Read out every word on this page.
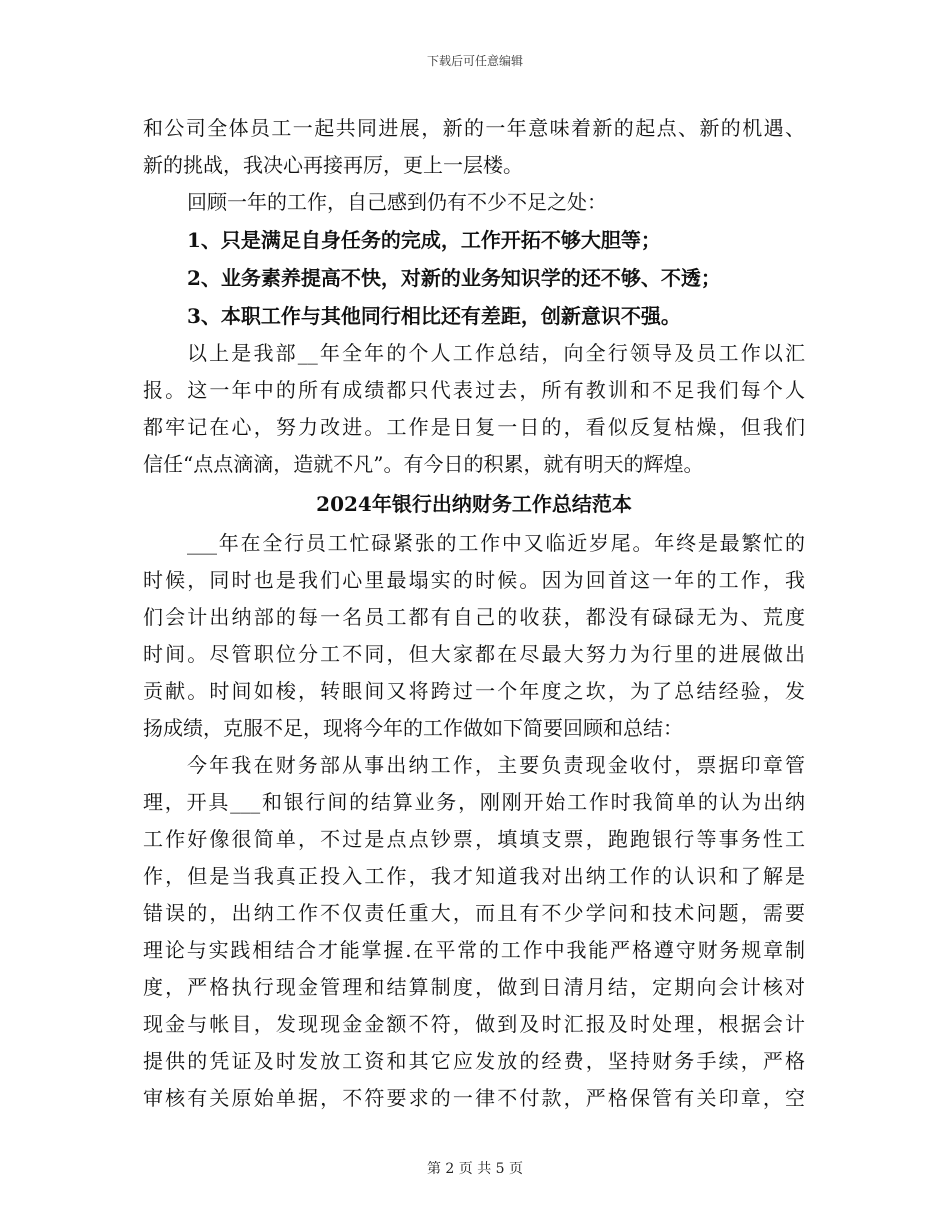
下载后可任意编辑
和公司全体员工一起共同进展，新的一年意味着新的起点、新的机遇、
新的挑战，我决心再接再厉，更上一层楼。
回顾一年的工作，自己感到仍有不少不足之处：
1、只是满足自身任务的完成，工作开拓不够大胆等；
2、业务素养提高不快，对新的业务知识学的还不够、不透；
3、本职工作与其他同行相比还有差距，创新意识不强。
以上是我部__年全年的个人工作总结，向全行领导及员工作以汇
报。这一年中的所有成绩都只代表过去，所有教训和不足我们每个人
都牢记在心，努力改进。工作是日复一日的，看似反复枯燥，但我们
信任“点点滴滴，造就不凡”。有今日的积累，就有明天的辉煌。
2024年银行出纳财务工作总结范本
___年在全行员工忙碌紧张的工作中又临近岁尾。年终是最繁忙的
时候，同时也是我们心里最塌实的时候。因为回首这一年的工作，我
们会计出纳部的每一名员工都有自己的收获，都没有碌碌无为、荒度
时间。尽管职位分工不同，但大家都在尽最大努力为行里的进展做出
贡献。时间如梭，转眼间又将跨过一个年度之坎，为了总结经验，发
扬成绩，克服不足，现将今年的工作做如下简要回顾和总结：
今年我在财务部从事出纳工作，主要负责现金收付，票据印章管
理，开具___和银行间的结算业务，刚刚开始工作时我简单的认为出纳
工作好像很简单，不过是点点钞票，填填支票，跑跑银行等事务性工
作，但是当我真正投入工作，我才知道我对出纳工作的认识和了解是
错误的，出纳工作不仅责任重大，而且有不少学问和技术问题，需要
理论与实践相结合才能掌握.在平常的工作中我能严格遵守财务规章制
度，严格执行现金管理和结算制度，做到日清月结，定期向会计核对
现金与帐目，发现现金金额不符，做到及时汇报及时处理，根据会计
提供的凭证及时发放工资和其它应发放的经费，坚持财务手续，严格
审核有关原始单据，不符要求的一律不付款，严格保管有关印章，空
第 2 页 共 5 页
